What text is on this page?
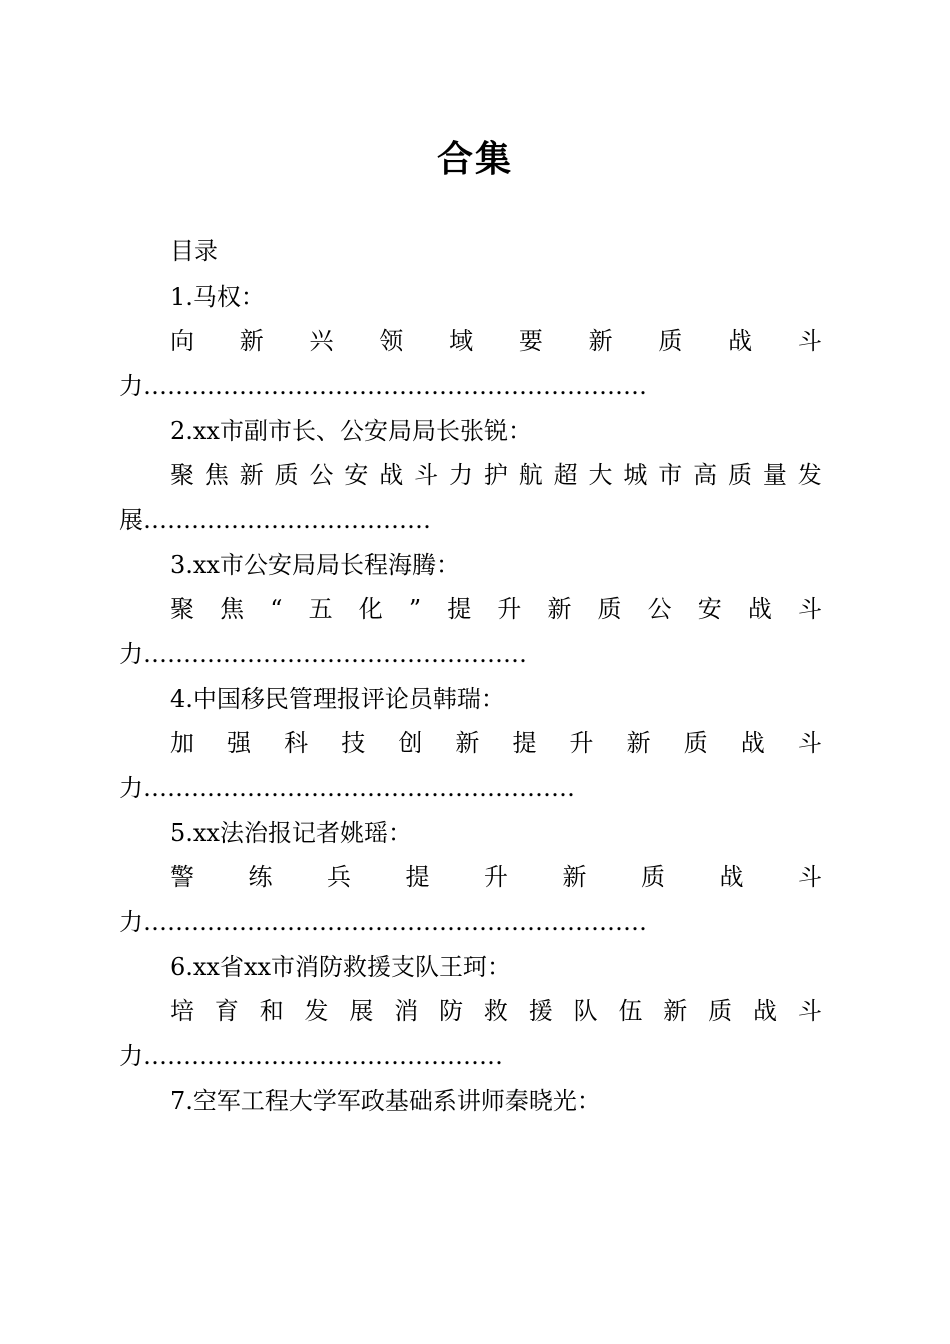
合集
目录
1.马权：
向 新 兴 领 域 要 新 质 战 斗
力………………………………………………………
2.xx市副市长、公安局局长张锐：
聚 焦 新 质 公 安 战 斗 力 护 航 超 大 城 市 高 质 量 发
展………………………………
3.xx市公安局局长程海腾：
聚 焦 “ 五 化 ” 提 升 新 质 公 安 战 斗
力…………………………………………
4.中国移民管理报评论员韩瑞：
加 强 科 技 创 新 提 升 新 质 战 斗
力………………………………………………
5.xx法治报记者姚瑶：
警 练 兵 提 升 新 质 战 斗
力………………………………………………………
6.xx省xx市消防救援支队王珂：
培 育 和 发 展 消 防 救 援 队 伍 新 质 战 斗
力………………………………………
7.空军工程大学军政基础系讲师秦晓光：
